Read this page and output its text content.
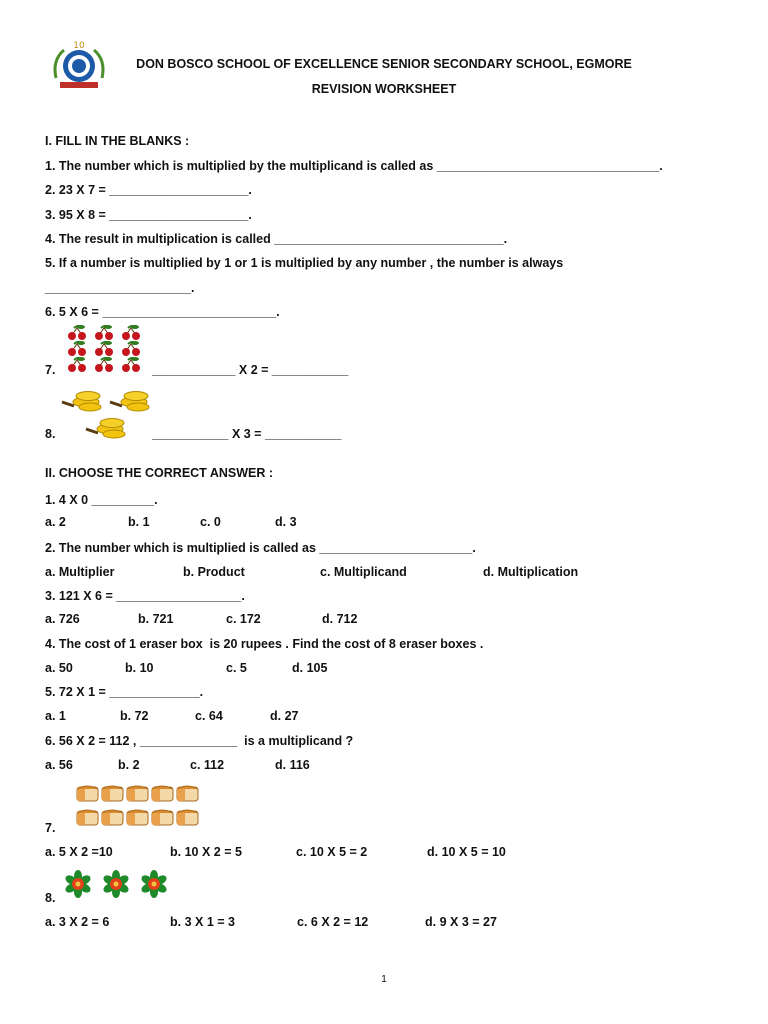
10
DON BOSCO SCHOOL OF EXCELLENCE SENIOR SECONDARY SCHOOL, EGMORE
REVISION WORKSHEET
I. FILL IN THE BLANKS :
1. The number which is multiplied by the multiplicand is called as ________________________________.
2. 23 X 7 = ____________________.
3. 95 X 8 = ____________________.
4. The result in multiplication is called _________________________________.
5. If a number is multiplied by 1 or 1 is multiplied by any number , the number is always
_____________________.
6. 5 X 6 = _________________________.
7.	____________ X 2 = ___________
8.	___________ X 3 = ___________
II. CHOOSE THE CORRECT ANSWER :
1. 4 X 0 _________.
a. 2	b. 1	c. 0	d. 3
2. The number which is multiplied is called as ______________________.
a. Multiplier	b. Product	c. Multiplicand	d. Multiplication
3. 121 X 6 = __________________.
a. 726	b. 721	c. 172	d. 712
4. The cost of 1 eraser box  is 20 rupees . Find the cost of 8 eraser boxes .
a. 50	b. 10	c. 5	d. 105
5. 72 X 1 = _____________.
a. 1	b. 72	c. 64	d. 27
6. 56 X 2 = 112 , ______________  is a multiplicand ?
a. 56	b. 2	c. 112	d. 116
7.
a. 5 X 2 =10	b. 10 X 2 = 5	c. 10 X 5 = 2	d. 10 X 5 = 10
8.
a. 3 X 2 = 6	b. 3 X 1 = 3	c. 6 X 2 = 12	d. 9 X 3 = 27
1
